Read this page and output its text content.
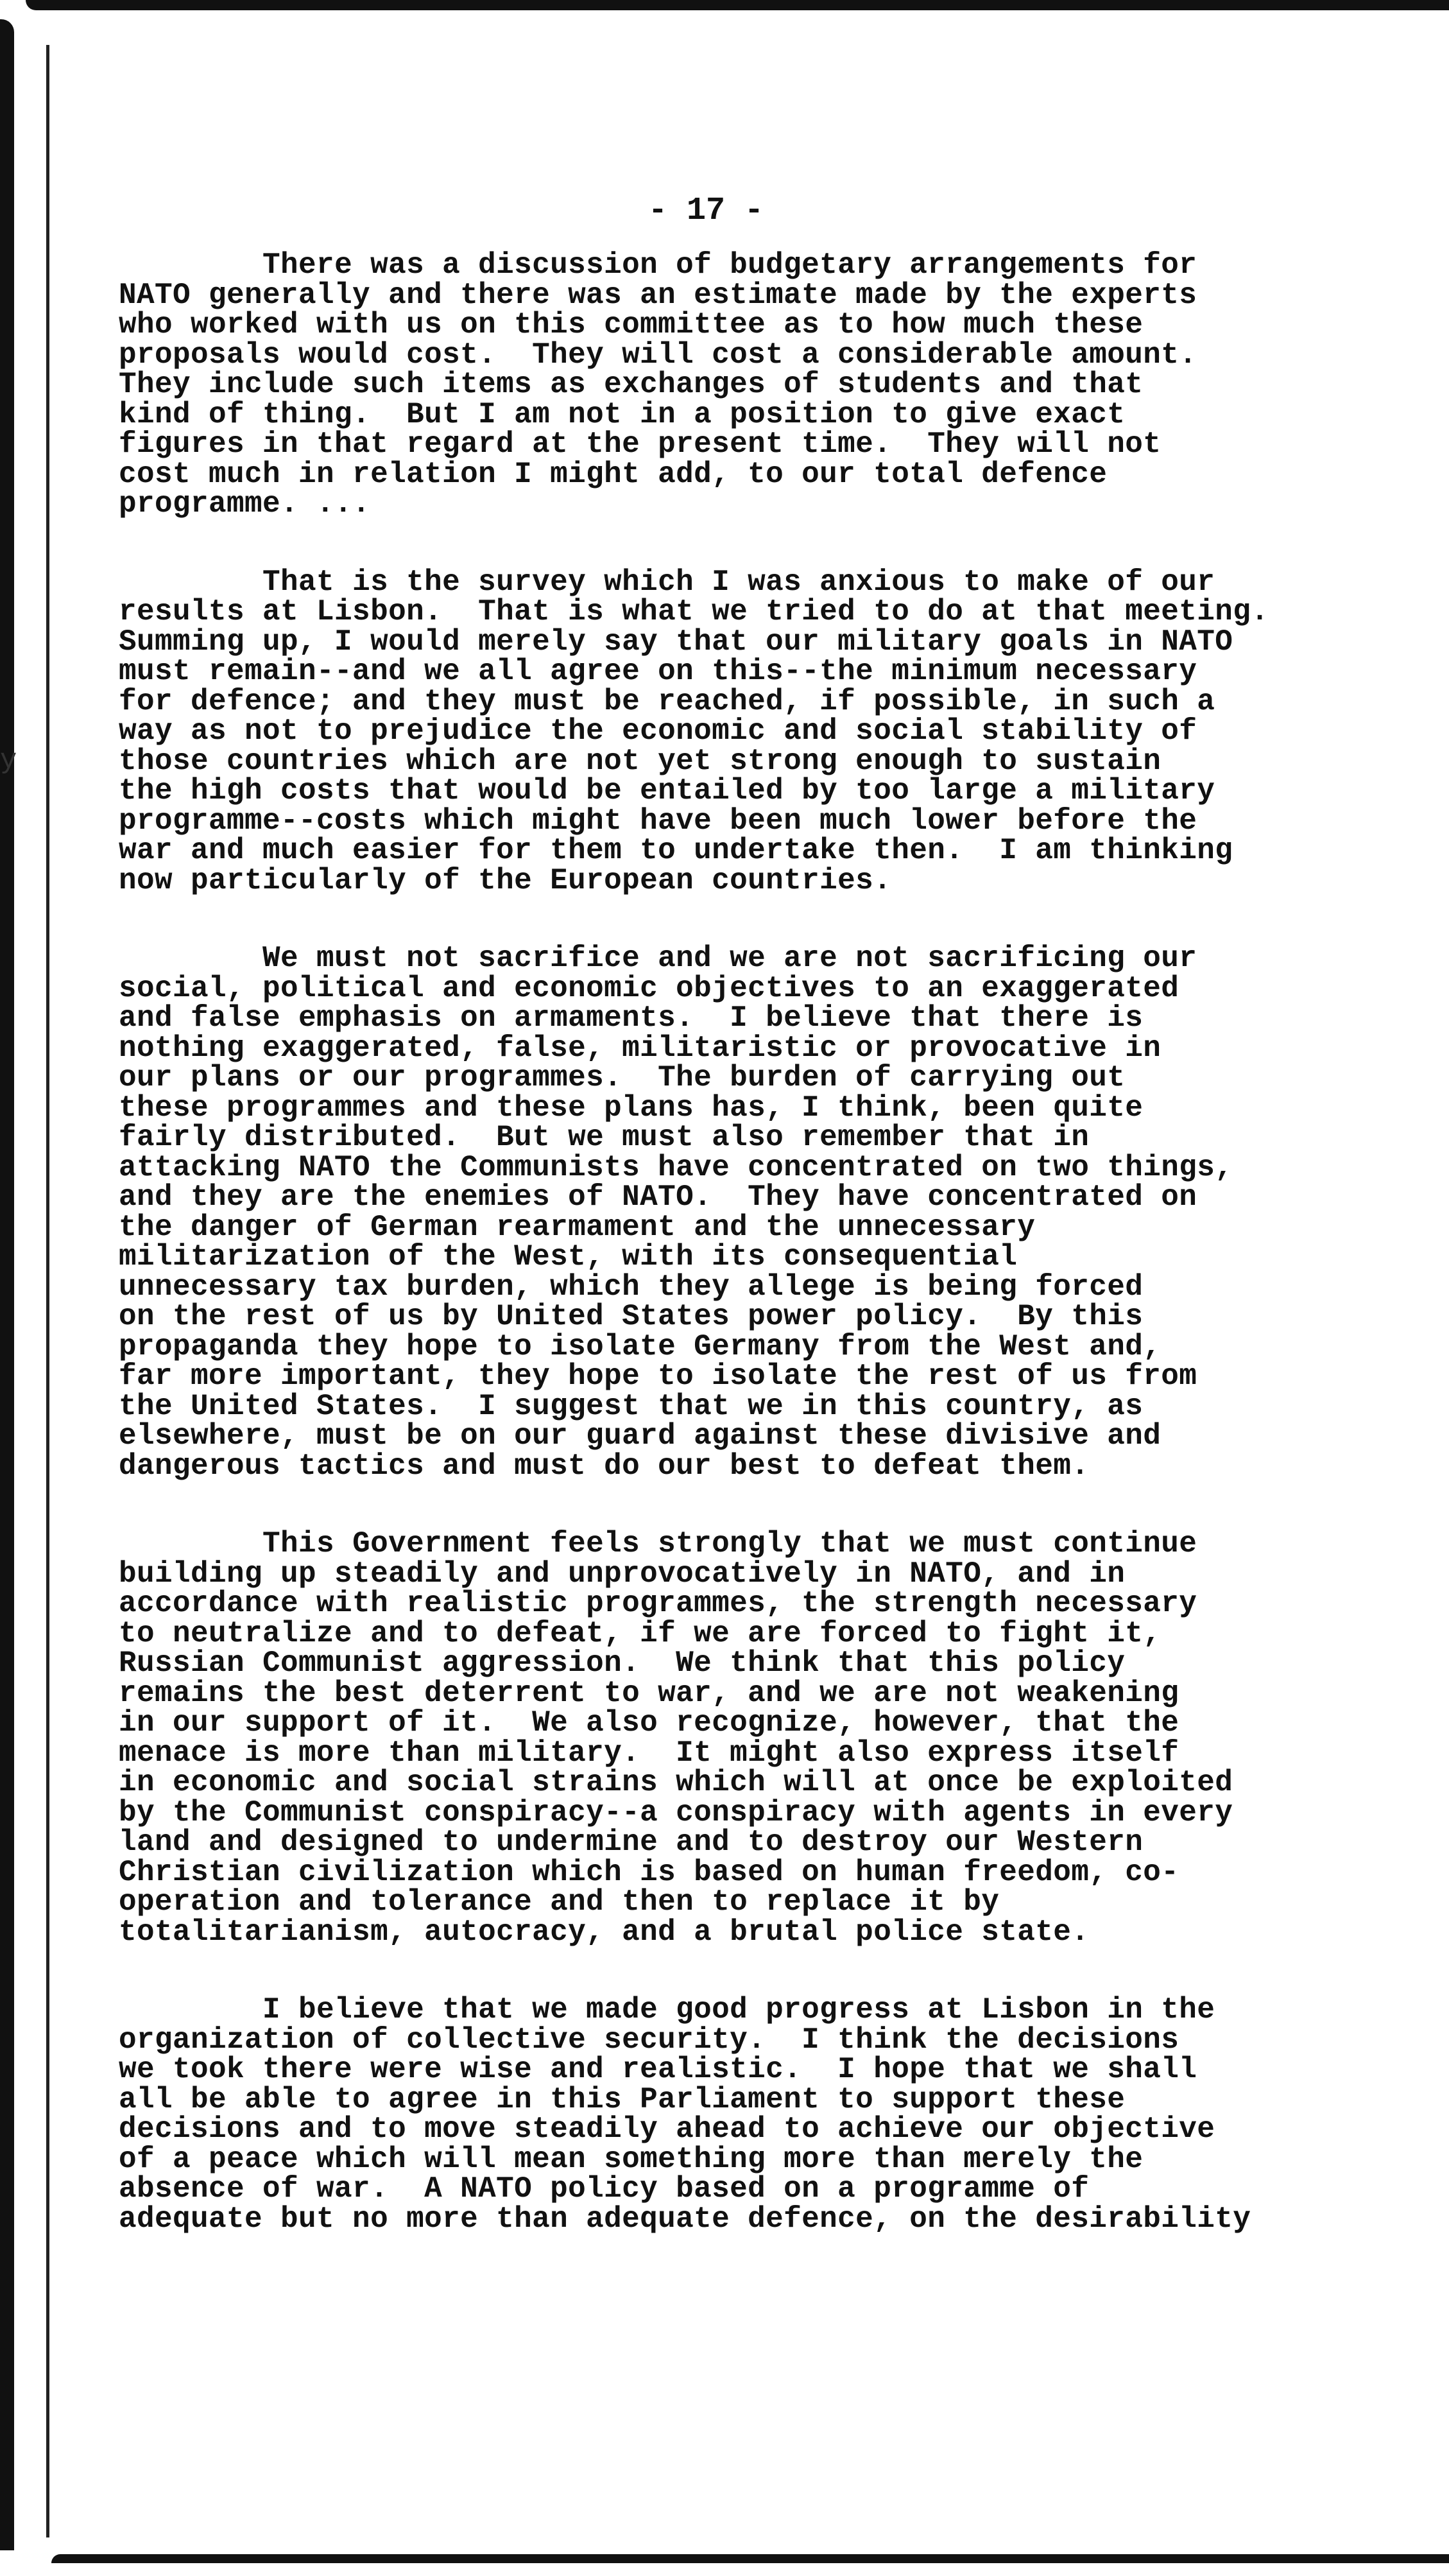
y
- 17 -

There was a discussion of budgetary arrangements for
NATO generally and there was an estimate made by the experts
who worked with us on this committee as to how much these
proposals would cost.  They will cost a considerable amount.
They include such items as exchanges of students and that
kind of thing.  But I am not in a position to give exact
figures in that regard at the present time.  They will not
cost much in relation I might add, to our total defence
programme. ...

That is the survey which I was anxious to make of our
results at Lisbon.  That is what we tried to do at that meeting.
Summing up, I would merely say that our military goals in NATO
must remain--and we all agree on this--the minimum necessary
for defence; and they must be reached, if possible, in such a
way as not to prejudice the economic and social stability of
those countries which are not yet strong enough to sustain
the high costs that would be entailed by too large a military
programme--costs which might have been much lower before the
war and much easier for them to undertake then.  I am thinking
now particularly of the European countries.

We must not sacrifice and we are not sacrificing our
social, political and economic objectives to an exaggerated
and false emphasis on armaments.  I believe that there is
nothing exaggerated, false, militaristic or provocative in
our plans or our programmes.  The burden of carrying out
these programmes and these plans has, I think, been quite
fairly distributed.  But we must also remember that in
attacking NATO the Communists have concentrated on two things,
and they are the enemies of NATO.  They have concentrated on
the danger of German rearmament and the unnecessary
militarization of the West, with its consequential
unnecessary tax burden, which they allege is being forced
on the rest of us by United States power policy.  By this
propaganda they hope to isolate Germany from the West and,
far more important, they hope to isolate the rest of us from
the United States.  I suggest that we in this country, as
elsewhere, must be on our guard against these divisive and
dangerous tactics and must do our best to defeat them.

This Government feels strongly that we must continue
building up steadily and unprovocatively in NATO, and in
accordance with realistic programmes, the strength necessary
to neutralize and to defeat, if we are forced to fight it,
Russian Communist aggression.  We think that this policy
remains the best deterrent to war, and we are not weakening
in our support of it.  We also recognize, however, that the
menace is more than military.  It might also express itself
in economic and social strains which will at once be exploited
by the Communist conspiracy--a conspiracy with agents in every
land and designed to undermine and to destroy our Western
Christian civilization which is based on human freedom, co-
operation and tolerance and then to replace it by
totalitarianism, autocracy, and a brutal police state.

I believe that we made good progress at Lisbon in the
organization of collective security.  I think the decisions
we took there were wise and realistic.  I hope that we shall
all be able to agree in this Parliament to support these
decisions and to move steadily ahead to achieve our objective
of a peace which will mean something more than merely the
absence of war.  A NATO policy based on a programme of
adequate but no more than adequate defence, on the desirability
